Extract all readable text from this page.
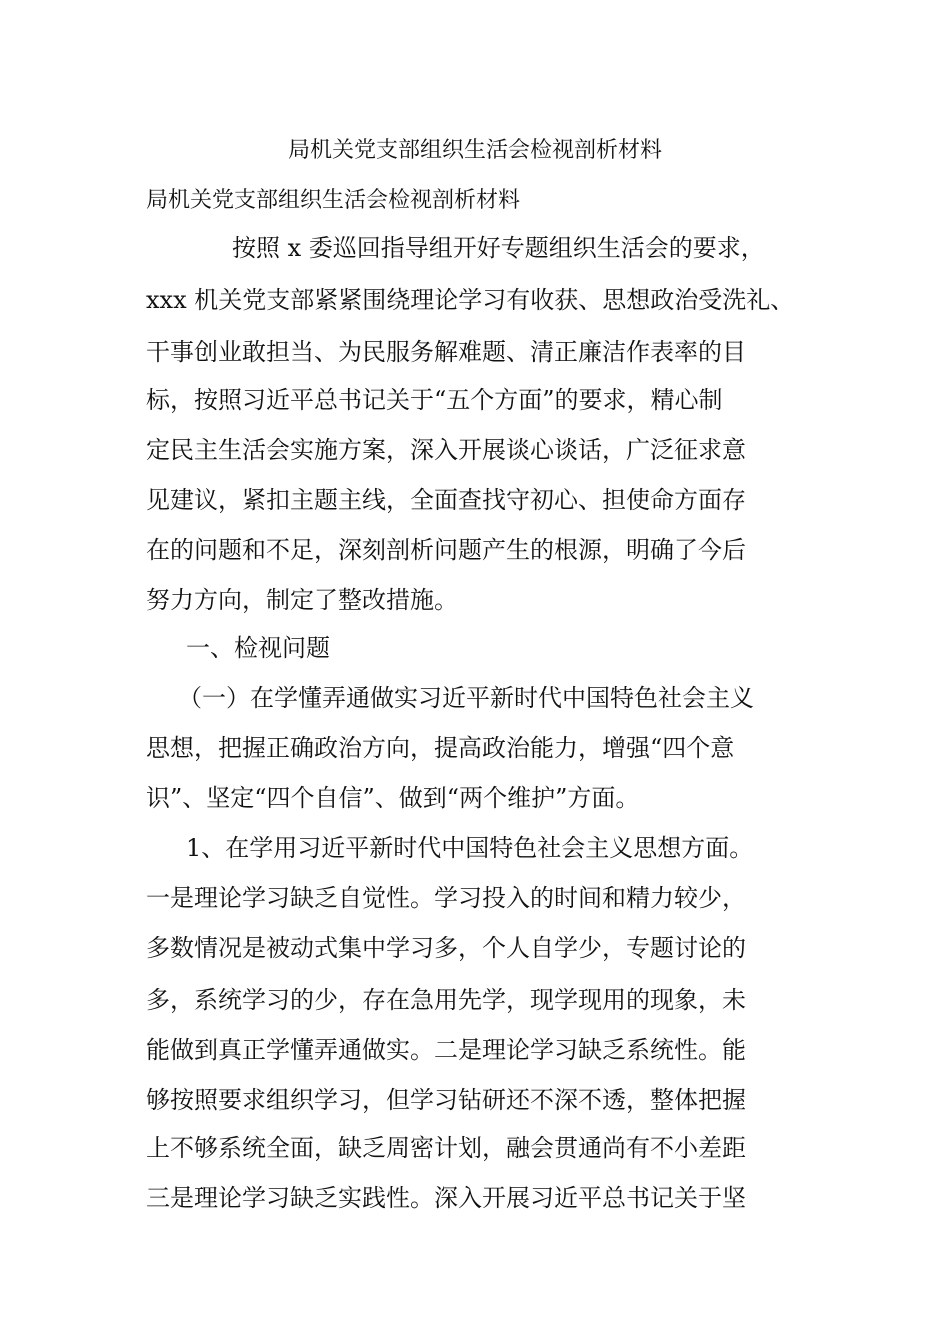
局机关党支部组织生活会检视剖析材料
局机关党支部组织生活会检视剖析材料
按照 x 委巡回指导组开好专题组织生活会的要求，
xxx 机关党支部紧紧围绕理论学习有收获、思想政治受洗礼、
干事创业敢担当、为民服务解难题、清正廉洁作表率的目
标，按照习近平总书记关于“五个方面”的要求，精心制
定民主生活会实施方案，深入开展谈心谈话，广泛征求意
见建议，紧扣主题主线，全面查找守初心、担使命方面存
在的问题和不足，深刻剖析问题产生的根源，明确了今后
努力方向，制定了整改措施。
一、检视问题
（一）在学懂弄通做实习近平新时代中国特色社会主义
思想，把握正确政治方向，提高政治能力，增强“四个意
识”、坚定“四个自信”、做到“两个维护”方面。
1、在学用习近平新时代中国特色社会主义思想方面。
一是理论学习缺乏自觉性。学习投入的时间和精力较少，
多数情况是被动式集中学习多，个人自学少，专题讨论的
多，系统学习的少，存在急用先学，现学现用的现象，未
能做到真正学懂弄通做实。二是理论学习缺乏系统性。能
够按照要求组织学习，但学习钻研还不深不透，整体把握
上不够系统全面，缺乏周密计划，融会贯通尚有不小差距
三是理论学习缺乏实践性。深入开展习近平总书记关于坚
